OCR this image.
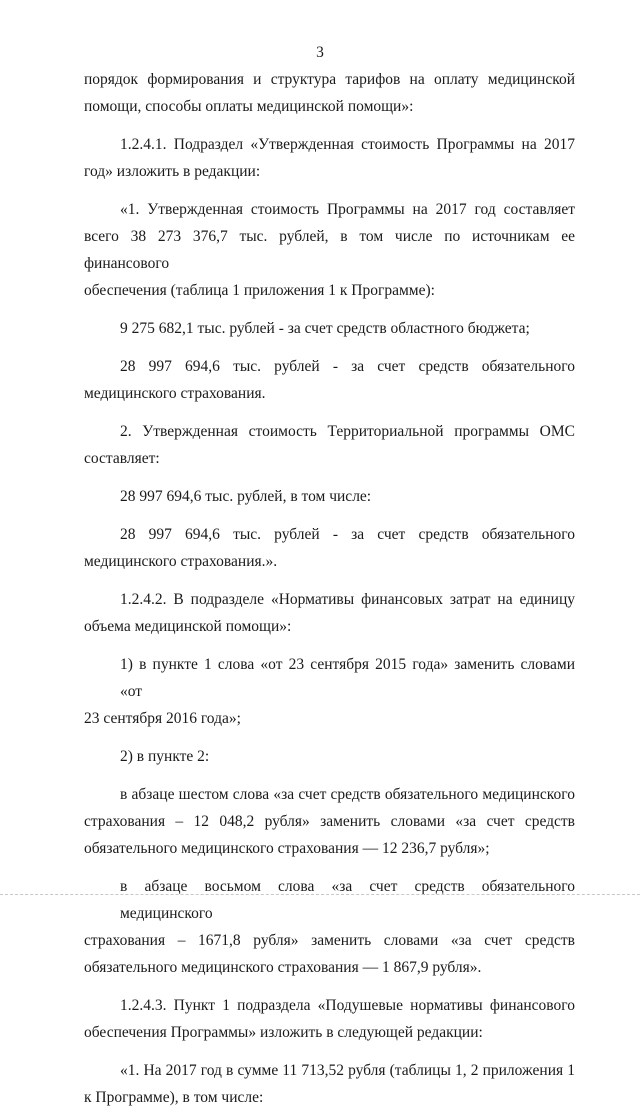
3

порядок формирования и структура тарифов на оплату медицинской
помощи, способы оплаты медицинской помощи»:

1.2.4.1. Подраздел «Утвержденная стоимость Программы на 2017
год» изложить в редакции:

«1. Утвержденная стоимость Программы на 2017 год составляет
всего 38 273 376,7 тыс. рублей, в том числе по источникам ее финансового
обеспечения (таблица 1 приложения 1 к Программе):

9 275 682,1 тыс. рублей - за счет средств областного бюджета;

28 997 694,6 тыс. рублей - за счет средств обязательного
медицинского страхования.

2. Утвержденная стоимость Территориальной программы ОМС
составляет:

28 997 694,6 тыс. рублей, в том числе:

28 997 694,6 тыс. рублей - за счет средств обязательного
медицинского страхования.».

1.2.4.2. В подразделе «Нормативы финансовых затрат на единицу
объема медицинской помощи»:

1) в пункте 1 слова «от 23 сентября 2015 года» заменить словами «от
23 сентября 2016 года»;

2) в пункте 2:

в абзаце шестом слова «за счет средств обязательного медицинского
страхования – 12 048,2 рубля» заменить словами «за счет средств
обязательного медицинского страхования — 12 236,7 рубля»;

в абзаце восьмом слова «за счет средств обязательного медицинского
страхования – 1671,8 рубля» заменить словами «за счет средств
обязательного медицинского страхования — 1 867,9 рубля».

1.2.4.3. Пункт 1 подраздела «Подушевые нормативы финансового
обеспечения Программы» изложить в следующей редакции:

«1. На 2017 год в сумме 11 713,52 рубля (таблицы 1, 2 приложения 1
к Программе), в том числе:
